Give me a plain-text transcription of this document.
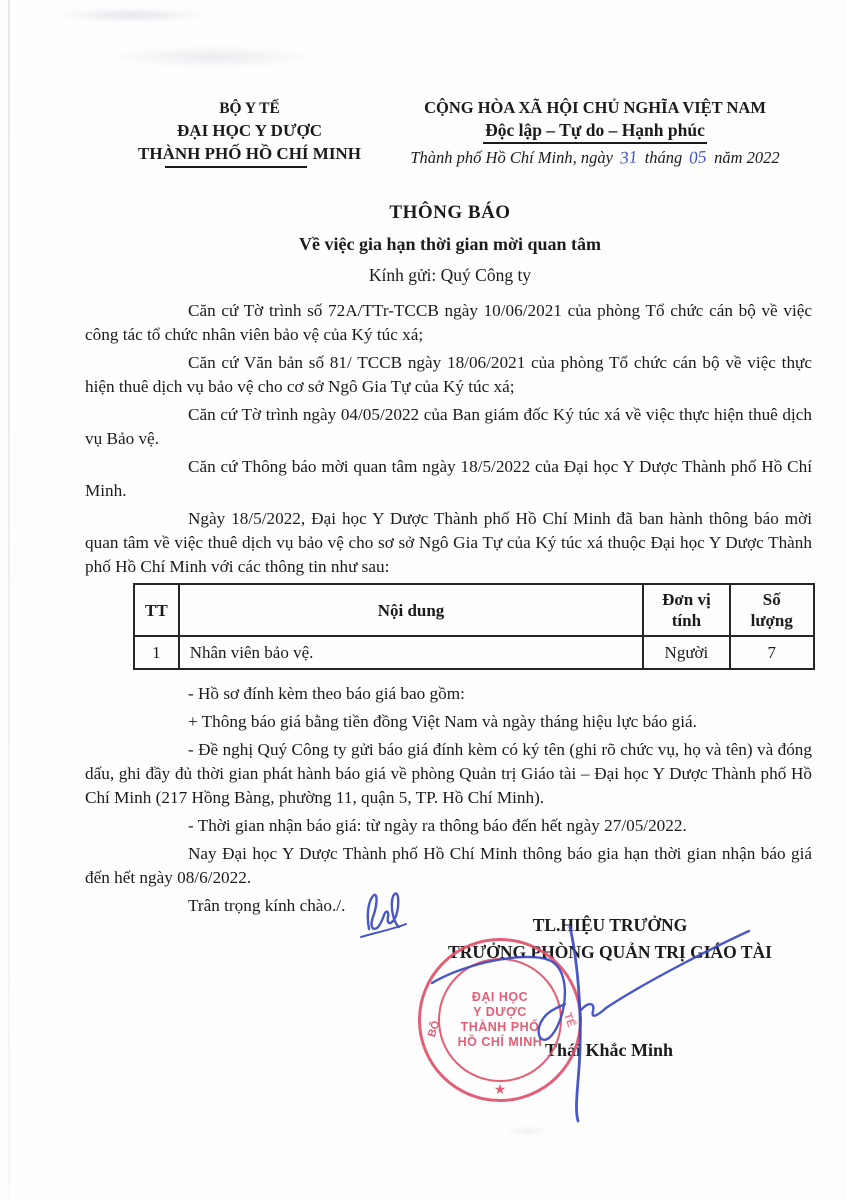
BỘ Y TẾ
ĐẠI HỌC Y DƯỢC
THÀNH PHỐ HỒ CHÍ MINH
CỘNG HÒA XÃ HỘI CHỦ NGHĨA VIỆT NAM
Độc lập – Tự do – Hạnh phúc
Thành phố Hồ Chí Minh, ngày 31 tháng 05 năm 2022
THÔNG BÁO
Về việc gia hạn thời gian mời quan tâm
Kính gửi: Quý Công ty

Căn cứ Tờ trình số 72A/TTr-TCCB ngày 10/06/2021 của phòng Tổ chức cán bộ về việc công tác tổ chức nhân viên bảo vệ của Ký túc xá;

Căn cứ Văn bản số 81/ TCCB ngày 18/06/2021 của phòng Tổ chức cán bộ về việc thực hiện thuê dịch vụ bảo vệ cho cơ sở Ngô Gia Tự của Ký túc xá;

Căn cứ Tờ trình ngày 04/05/2022 của Ban giám đốc Ký túc xá về việc thực hiện thuê dịch vụ Bảo vệ.

Căn cứ Thông báo mời quan tâm ngày 18/5/2022 của Đại học Y Dược Thành phố Hồ Chí Minh.

Ngày 18/5/2022, Đại học Y Dược Thành phố Hồ Chí Minh đã ban hành thông báo mời quan tâm về việc thuê dịch vụ bảo vệ cho sơ sở Ngô Gia Tự của Ký túc xá thuộc Đại học Y Dược Thành phố Hồ Chí Minh với các thông tin như sau:

TT	Nội dung	Đơn vị tính	Số lượng
1	Nhân viên bảo vệ.	Người	7

- Hồ sơ đính kèm theo báo giá bao gồm:

+ Thông báo giá bằng tiền đồng Việt Nam và ngày tháng hiệu lực báo giá.

- Đề nghị Quý Công ty gửi báo giá đính kèm có ký tên (ghi rõ chức vụ, họ và tên) và đóng dấu, ghi đầy đủ thời gian phát hành báo giá về phòng Quản trị Giáo tài – Đại học Y Dược Thành phố Hồ Chí Minh (217 Hồng Bàng, phường 11, quận 5, TP. Hồ Chí Minh).

- Thời gian nhận báo giá: từ ngày ra thông báo đến hết ngày 27/05/2022.

Nay Đại học Y Dược Thành phố Hồ Chí Minh thông báo gia hạn thời gian nhận báo giá đến hết ngày 08/6/2022.

Trân trọng kính chào./.

TL.HIỆU TRƯỞNG
TRƯỞNG PHÒNG QUẢN TRỊ GIÁO TÀI
Thái Khắc Minh
ĐẠI HỌC
Y DƯỢC
THÀNH PHỐ
HỒ CHÍ MINH
BỘ	TẾ
★
